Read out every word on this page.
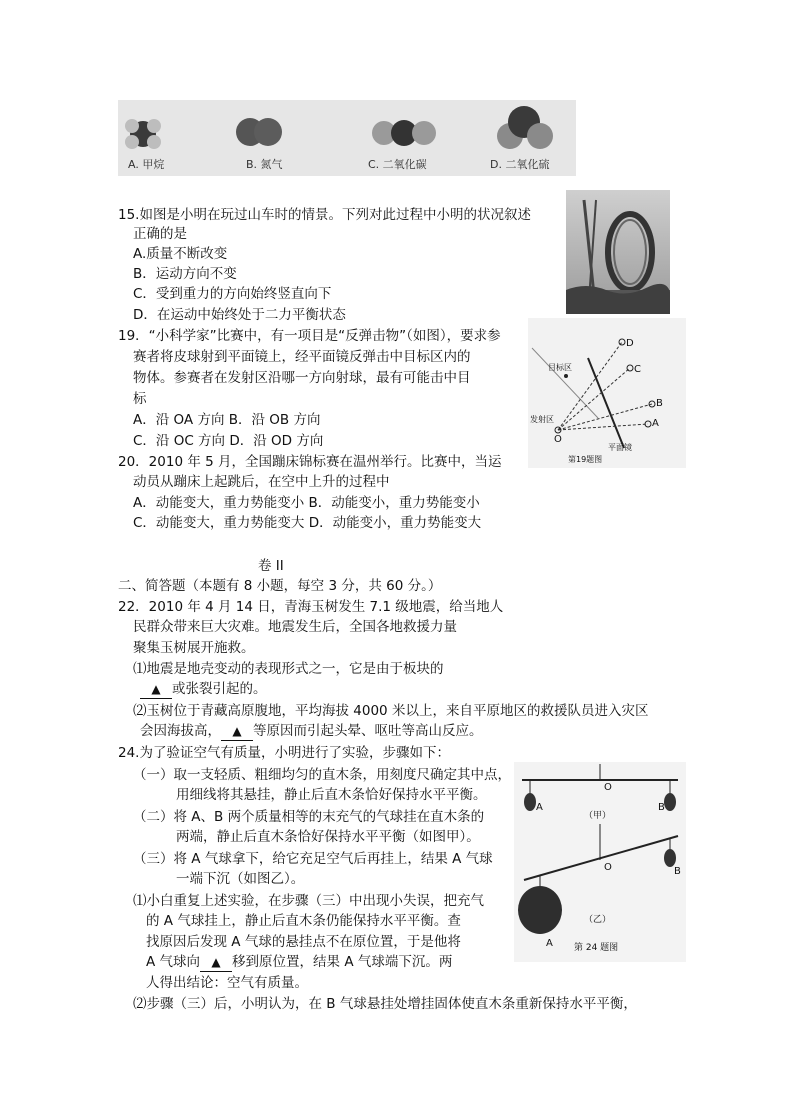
A. 甲烷	B. 氮气	C. 二氧化碳	D. 二氧化硫
15.如图是小明在玩过山车时的情景。下列对此过程中小明的状况叙述
正确的是
A.质量不断改变
B．运动方向不变
C．受到重力的方向始终竖直向下
D．在运动中始终处于二力平衡状态
19．“小科学家”比赛中，有一项目是“反弹击物”（如图），要求参
赛者将皮球射到平面镜上，经平面镜反弹击中目标区内的
物体。参赛者在发射区沿哪一方向射球，最有可能击中目
标
A．沿 OA 方向 B．沿 OB 方向
C．沿 OC 方向 D．沿 OD 方向
D
C
B
A
目标区
发射区
O
平面镜
第19题图
20．2010 年 5 月，全国蹦床锦标赛在温州举行。比赛中，当运
动员从蹦床上起跳后，在空中上升的过程中
A．动能变大，重力势能变小 B．动能变小，重力势能变小
C．动能变大，重力势能变大 D．动能变小，重力势能变大
卷 II
二、简答题（本题有 8 小题，每空 3 分，共 60 分。）
22．2010 年 4 月 14 日，青海玉树发生 7.1 级地震，给当地人
民群众带来巨大灾难。地震发生后，全国各地救援力量
聚集玉树展开施救。
⑴地震是地壳变动的表现形式之一，它是由于板块的
▲ 或张裂引起的。
⑵玉树位于青藏高原腹地，平均海拔 4000 米以上，来自平原地区的救援队员进入灾区
会因海拔高， ▲ 等原因而引起头晕、呕吐等高山反应。
24.为了验证空气有质量，小明进行了实验，步骤如下：
（一）取一支轻质、粗细均匀的直木条，用刻度尺确定其中点，
用细线将其悬挂，静止后直木条恰好保持水平平衡。
（二）将 A、B 两个质量相等的末充气的气球挂在直木条的
两端，静止后直木条恰好保持水平平衡（如图甲）。
（三）将 A 气球拿下，给它充足空气后再挂上，结果 A 气球
一端下沉（如图乙）。
⑴小白重复上述实验，在步骤（三）中出现小失误，把充气
的 A 气球挂上，静止后直木条仍能保持水平平衡。查
找原因后发现 A 气球的悬挂点不在原位置，于是他将
A 气球向 ▲ 移到原位置，结果 A 气球端下沉。两
人得出结论：空气有质量。
⑵步骤（三）后，小明认为，在 B 气球悬挂处增挂固体使直木条重新保持水平平衡，
A	B
O
（甲）
O	B
（乙）
A 第 24 题图
